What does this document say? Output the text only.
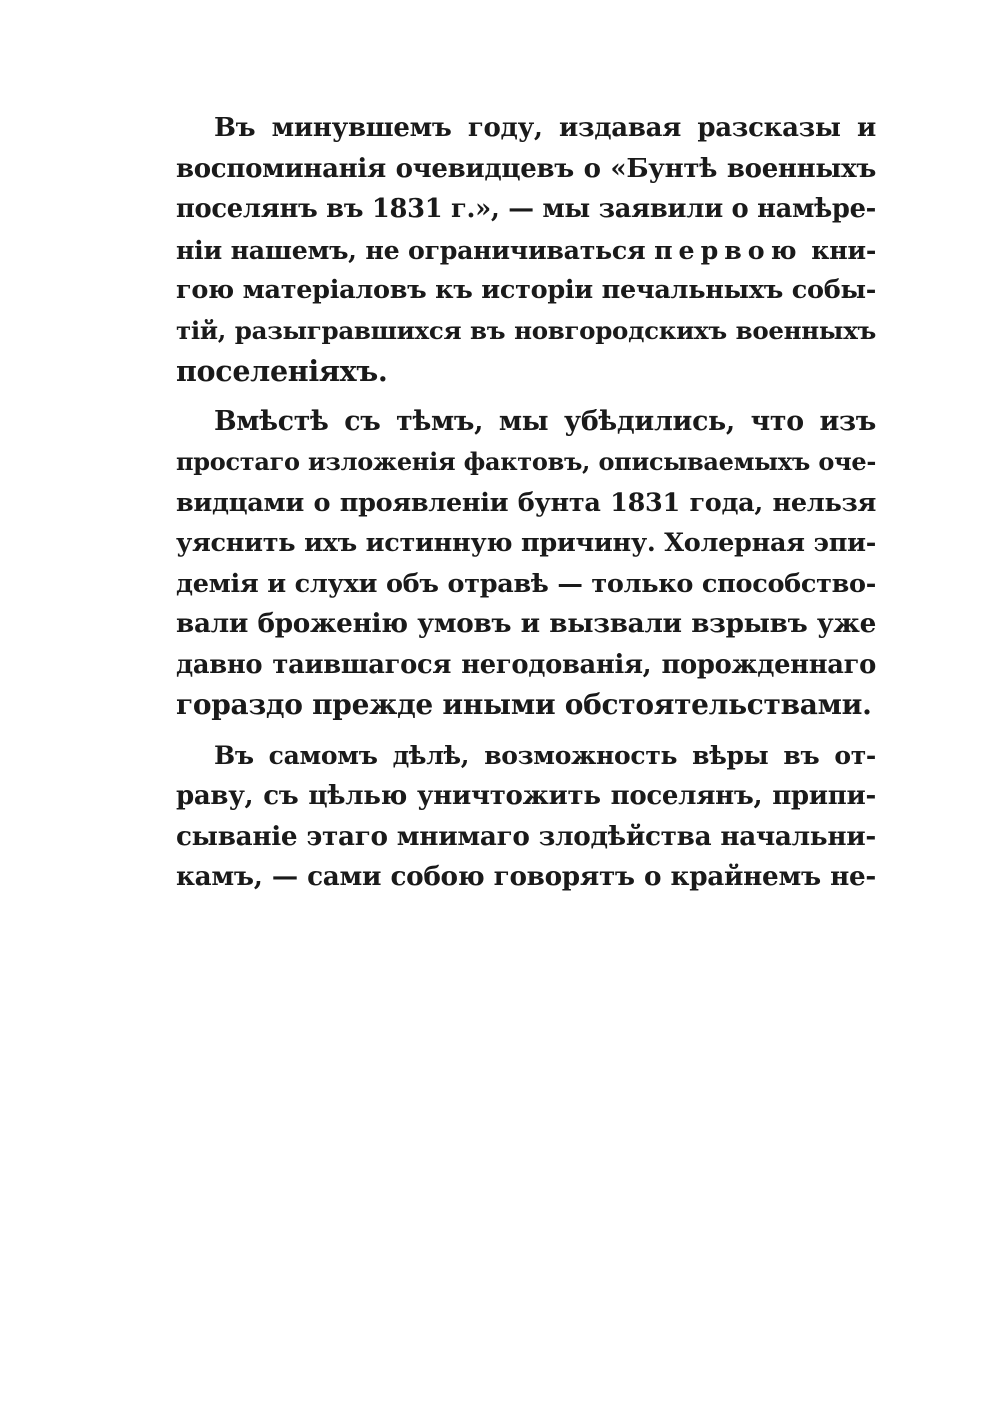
Въ минувшемъ году, издавая разсказы и
воспоминанія очевидцевъ о «Бунтѣ военныхъ
поселянъ въ 1831 г.», — мы заявили о намѣре-
ніи нашемъ, не ограничиваться первою кни-
гою матеріаловъ къ исторіи печальныхъ собы-
тій, разыгравшихся въ новгородскихъ военныхъ
поселеніяхъ.
Вмѣстѣ съ тѣмъ, мы убѣдились, что изъ
простаго изложенія фактовъ, описываемыхъ оче-
видцами о проявленіи бунта 1831 года, нельзя
уяснить ихъ истинную причину. Холерная эпи-
демія и слухи объ отравѣ — только способство-
вали броженію умовъ и вызвали взрывъ уже
давно таившагося негодованія, порожденнаго
гораздо прежде иными обстоятельствами.
Въ самомъ дѣлѣ, возможность вѣры въ от-
раву, съ цѣлью уничтожить поселянъ, припи-
сываніе этаго мнимаго злодѣйства начальни-
камъ, — сами собою говорятъ о крайнемъ не-
